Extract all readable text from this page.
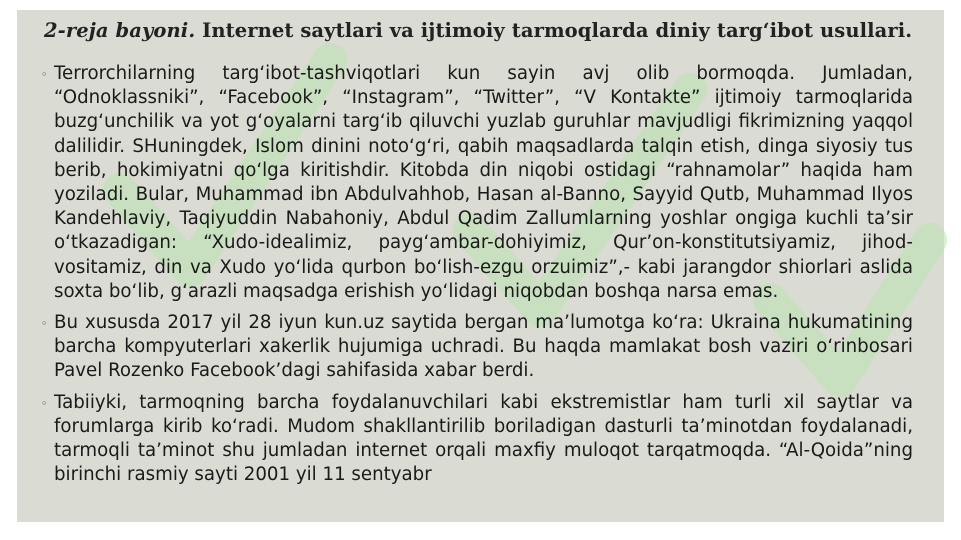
2-reja bayoni. Internet saytlari va ijtimoiy tarmoqlarda diniy targ‘ibot usullari.
◦ Terrorchilarning targ‘ibot-tashviqotlari kun sayin avj olib bormoqda. Jumladan, “Odnoklassniki”, “Facebook”, “Instagram”, “Twitter”, “V Kontakte” ijtimoiy tarmoqlarida buzg‘unchilik va yot g‘oyalarni targ‘ib qiluvchi yuzlab guruhlar mavjudligi fikrimizning yaqqol dalilidir. SHuningdek, Islom dinini noto‘g‘ri, qabih maqsadlarda talqin etish, dinga siyosiy tus berib, hokimiyatni qo‘lga kiritishdir. Kitobda din niqobi ostidagi “rahnamolar” haqida ham yoziladi. Bular, Muhammad ibn Abdulvahhob, Hasan al-Banno, Sayyid Qutb, Muhammad Ilyos Kandehlaviy, Taqiyuddin Nabahoniy, Abdul Qadim Zallumlarning yoshlar ongiga kuchli ta’sir o‘tkazadigan: “Xudo-idealimiz, payg‘ambar-dohiyimiz, Qur’on-konstitutsiyamiz, jihod-vositamiz, din va Xudo yo‘lida qurbon bo‘lish-ezgu orzuimiz”,- kabi jarangdor shiorlari aslida soxta bo‘lib, g‘arazli maqsadga erishish yo‘lidagi niqobdan boshqa narsa emas.
◦ Bu xususda 2017 yil 28 iyun kun.uz saytida bergan ma’lumotga ko‘ra: Ukraina hukumatining barcha kompyuterlari xakerlik hujumiga uchradi. Bu haqda mamlakat bosh vaziri o‘rinbosari Pavel Rozenko Facebook’dagi sahifasida xabar berdi.
◦ Tabiiyki, tarmoqning barcha foydalanuvchilari kabi ekstremistlar ham turli xil saytlar va forumlarga kirib ko‘radi. Mudom shakllantirilib boriladigan dasturli ta’minotdan foydalanadi, tarmoqli ta’minot shu jumladan internet orqali maxfiy muloqot tarqatmoqda. “Al-Qoida”ning birinchi rasmiy sayti 2001 yil 11 sentyabr
